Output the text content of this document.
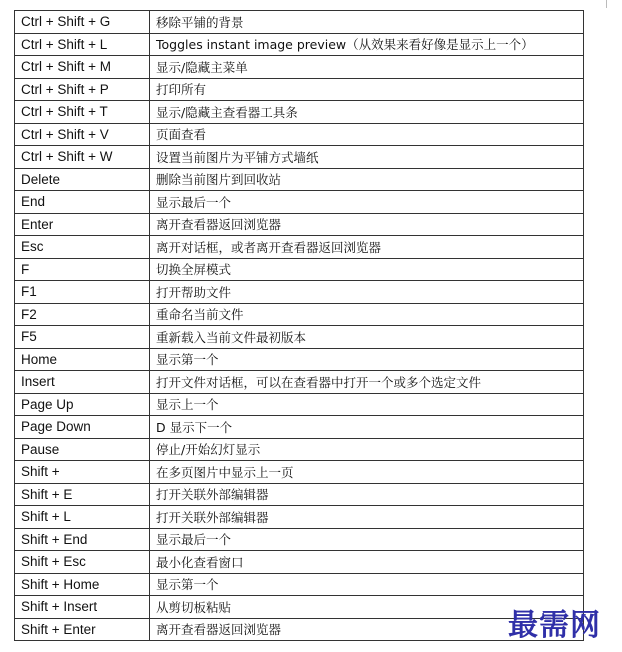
Ctrl + Shift + G	移除平铺的背景
Ctrl + Shift + L	Toggles instant image preview（从效果来看好像是显示上一个）
Ctrl + Shift + M	显示/隐藏主菜单
Ctrl + Shift + P	打印所有
Ctrl + Shift + T	显示/隐藏主查看器工具条
Ctrl + Shift + V	页面查看
Ctrl + Shift + W	设置当前图片为平铺方式墙纸
Delete	删除当前图片到回收站
End	显示最后一个
Enter	离开查看器返回浏览器
Esc	离开对话框，或者离开查看器返回浏览器
F	切换全屏模式
F1	打开帮助文件
F2	重命名当前文件
F5	重新载入当前文件最初版本
Home	显示第一个
Insert	打开文件对话框，可以在查看器中打开一个或多个选定文件
Page Up	显示上一个
Page Down	D 显示下一个
Pause	停止/开始幻灯显示
Shift +	在多页图片中显示上一页
Shift + E	打开关联外部编辑器
Shift + L	打开关联外部编辑器
Shift + End	显示最后一个
Shift + Esc	最小化查看窗口
Shift + Home	显示第一个
Shift + Insert	从剪切板粘贴
Shift + Enter	离开查看器返回浏览器	最需网
